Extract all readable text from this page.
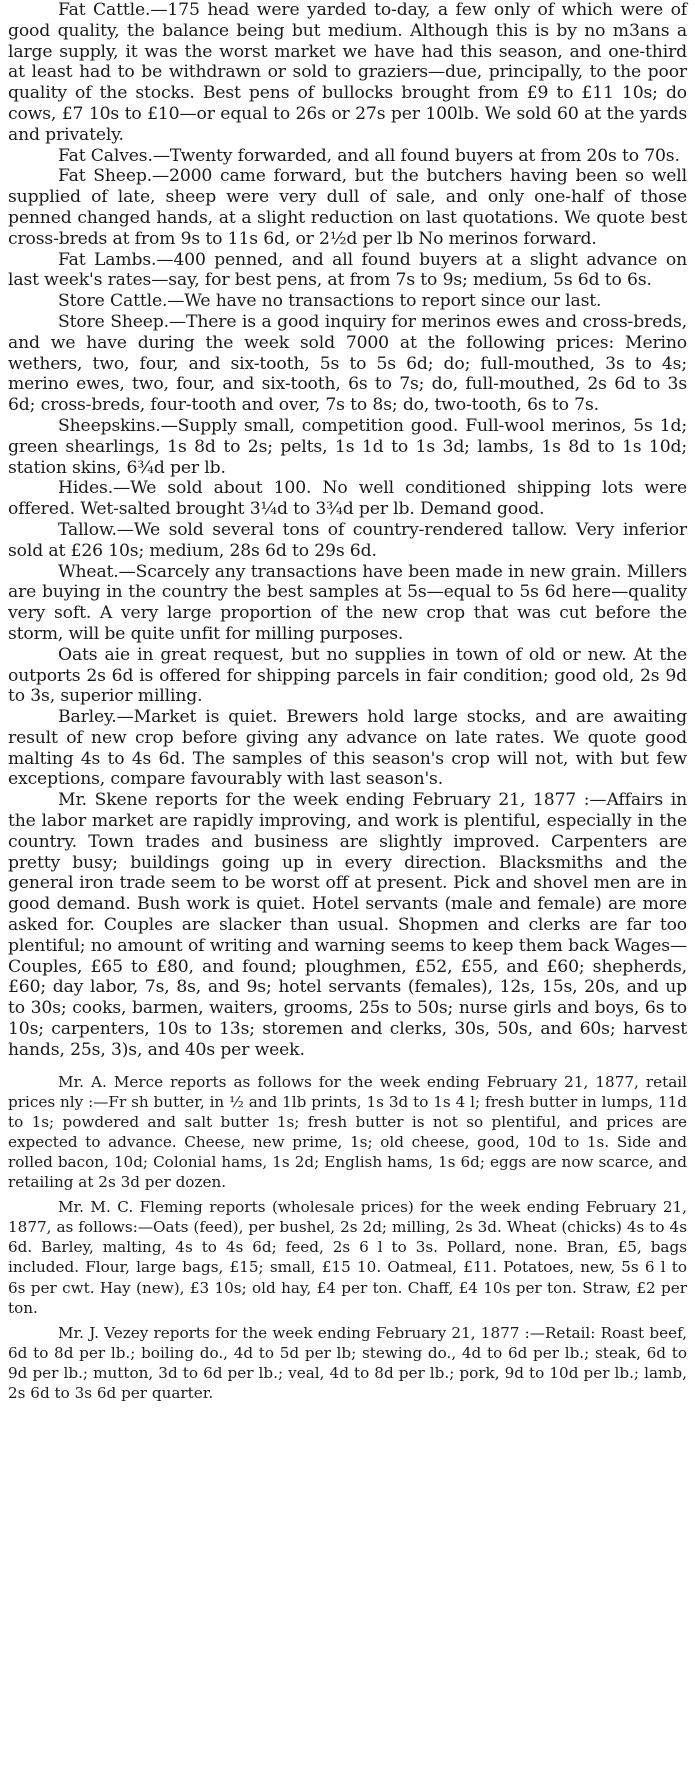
Fat Cattle.—175 head were yarded to-day, a few only of which were of good quality, the balance being but medium. Although this is by no m3ans a large supply, it was the worst market we have had this season, and one-third at least had to be withdrawn or sold to graziers—due, principally, to the poor quality of the stocks. Best pens of bullocks brought from £9 to £11 10s; do cows, £7 10s to £10—or equal to 26s or 27s per 100lb. We sold 60 at the yards and privately.

Fat Calves.—Twenty forwarded, and all found buyers at from 20s to 70s.

Fat Sheep.—2000 came forward, but the butchers having been so well supplied of late, sheep were very dull of sale, and only one-half of those penned changed hands, at a slight reduction on last quotations. We quote best cross-breds at from 9s to 11s 6d, or 2½d per lb No merinos forward.

Fat Lambs.—400 penned, and all found buyers at a slight advance on last week's rates—say, for best pens, at from 7s to 9s; medium, 5s 6d to 6s.

Store Cattle.—We have no transactions to report since our last.

Store Sheep.—There is a good inquiry for merinos ewes and cross-breds, and we have during the week sold 7000 at the following prices: Merino wethers, two, four, and six-tooth, 5s to 5s 6d; do; full-mouthed, 3s to 4s; merino ewes, two, four, and six-tooth, 6s to 7s; do, full-mouthed, 2s 6d to 3s 6d; cross-breds, four-tooth and over, 7s to 8s; do, two-tooth, 6s to 7s.

Sheepskins.—Supply small, competition good. Full-wool merinos, 5s 1d; green shearlings, 1s 8d to 2s; pelts, 1s 1d to 1s 3d; lambs, 1s 8d to 1s 10d; station skins, 6¾d per lb.

Hides.—We sold about 100. No well conditioned shipping lots were offered. Wet-salted brought 3¼d to 3¾d per lb. Demand good.

Tallow.—We sold several tons of country-rendered tallow. Very inferior sold at £26 10s; medium, 28s 6d to 29s 6d.

Wheat.—Scarcely any transactions have been made in new grain. Millers are buying in the country the best samples at 5s—equal to 5s 6d here—quality very soft. A very large proportion of the new crop that was cut before the storm, will be quite unfit for milling purposes.

Oats aie in great request, but no supplies in town of old or new. At the outports 2s 6d is offered for shipping parcels in fair condition; good old, 2s 9d to 3s, superior milling.

Barley.—Market is quiet. Brewers hold large stocks, and are awaiting result of new crop before giving any advance on late rates. We quote good malting 4s to 4s 6d. The samples of this season's crop will not, with but few exceptions, compare favourably with last season's.

Mr. Skene reports for the week ending February 21, 1877 :—Affairs in the labor market are rapidly improving, and work is plentiful, especially in the country. Town trades and business are slightly improved. Carpenters are pretty busy; buildings going up in every direction. Blacksmiths and the general iron trade seem to be worst off at present. Pick and shovel men are in good demand. Bush work is quiet. Hotel servants (male and female) are more asked for. Couples are slacker than usual. Shopmen and clerks are far too plentiful; no amount of writing and warning seems to keep them back Wages—Couples, £65 to £80, and found; ploughmen, £52, £55, and £60; shepherds, £60; day labor, 7s, 8s, and 9s; hotel servants (females), 12s, 15s, 20s, and up to 30s; cooks, barmen, waiters, grooms, 25s to 50s; nurse girls and boys, 6s to 10s; carpenters, 10s to 13s; storemen and clerks, 30s, 50s, and 60s; harvest hands, 25s, 3)s, and 40s per week.

Mr. A. Merce reports as follows for the week ending February 21, 1877, retail prices nly :—Fr sh butter, in ½ and 1lb prints, 1s 3d to 1s 4 l; fresh butter in lumps, 11d to 1s; powdered and salt butter 1s; fresh butter is not so plentiful, and prices are expected to advance. Cheese, new prime, 1s; old cheese, good, 10d to 1s. Side and rolled bacon, 10d; Colonial hams, 1s 2d; English hams, 1s 6d; eggs are now scarce, and retailing at 2s 3d per dozen.

Mr. M. C. Fleming reports (wholesale prices) for the week ending February 21, 1877, as follows:—Oats (feed), per bushel, 2s 2d; milling, 2s 3d. Wheat (chicks) 4s to 4s 6d. Barley, malting, 4s to 4s 6d; feed, 2s 6 l to 3s. Pollard, none. Bran, £5, bags included. Flour, large bags, £15; small, £15 10. Oatmeal, £11. Potatoes, new, 5s 6 l to 6s per cwt. Hay (new), £3 10s; old hay, £4 per ton. Chaff, £4 10s per ton. Straw, £2 per ton.

Mr. J. Vezey reports for the week ending February 21, 1877 :—Retail: Roast beef, 6d to 8d per lb.; boiling do., 4d to 5d per lb; stewing do., 4d to 6d per lb.; steak, 6d to 9d per lb.; mutton, 3d to 6d per lb.; veal, 4d to 8d per lb.; pork, 9d to 10d per lb.; lamb, 2s 6d to 3s 6d per quarter.
